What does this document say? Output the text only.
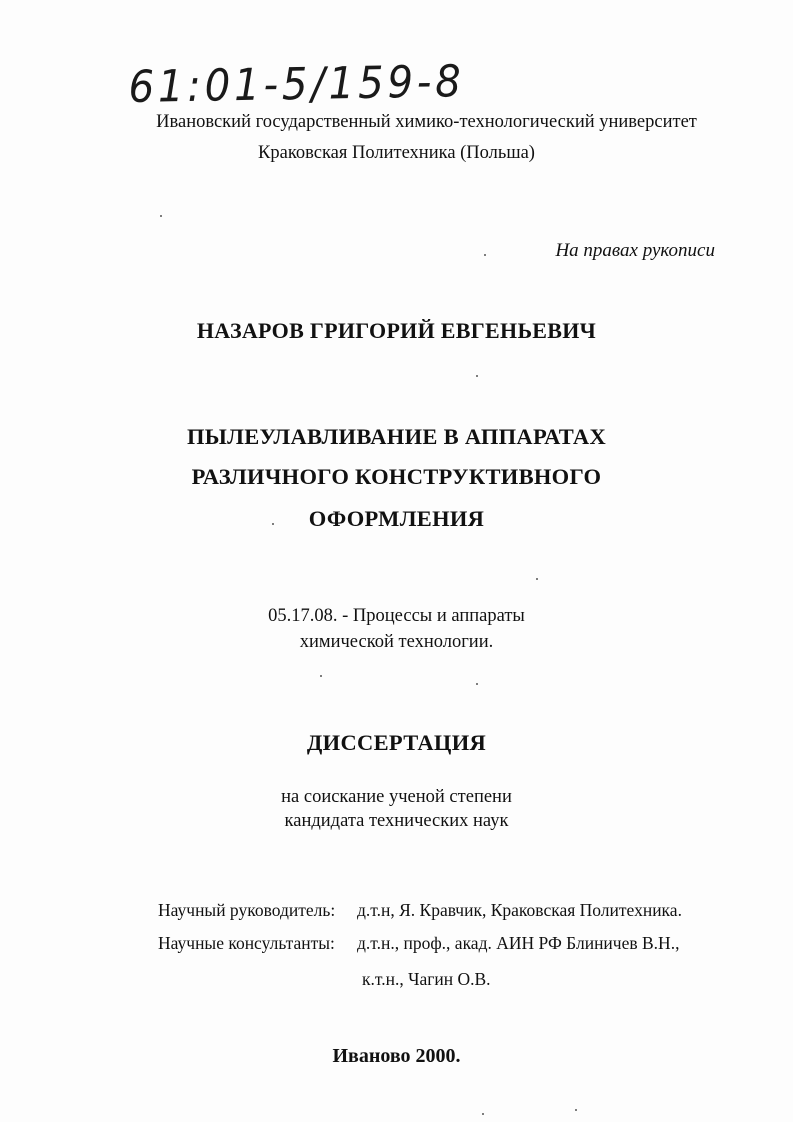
61:01-5/159-8
Ивановский государственный химико-технологический университет
Краковская Политехника (Польша)
На правах рукописи
НАЗАРОВ ГРИГОРИЙ ЕВГЕНЬЕВИЧ
ПЫЛЕУЛАВЛИВАНИЕ В АППАРАТАХ
РАЗЛИЧНОГО КОНСТРУКТИВНОГО
ОФОРМЛЕНИЯ
05.17.08. - Процессы и аппараты
химической технологии.
ДИССЕРТАЦИЯ
на соискание ученой степени
кандидата технических наук
Научный руководитель: д.т.н, Я. Кравчик, Краковская Политехника.
Научные консультанты: д.т.н., проф., акад. АИН РФ Блиничев В.Н.,
к.т.н., Чагин О.В.
Иваново 2000.
